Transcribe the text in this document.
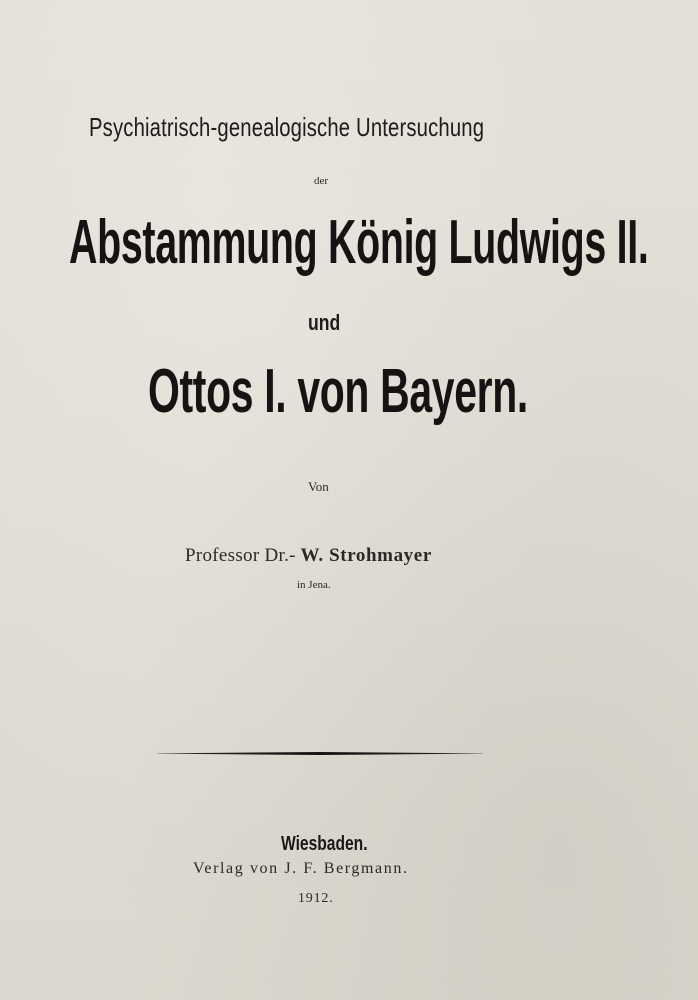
Psychiatrisch-genealogische Untersuchung
der
Abstammung König Ludwigs II.
und
Ottos I. von Bayern.
Von
Professor Dr.- W. Strohmayer
in Jena.
Wiesbaden.
Verlag von J. F. Bergmann.
1912.
